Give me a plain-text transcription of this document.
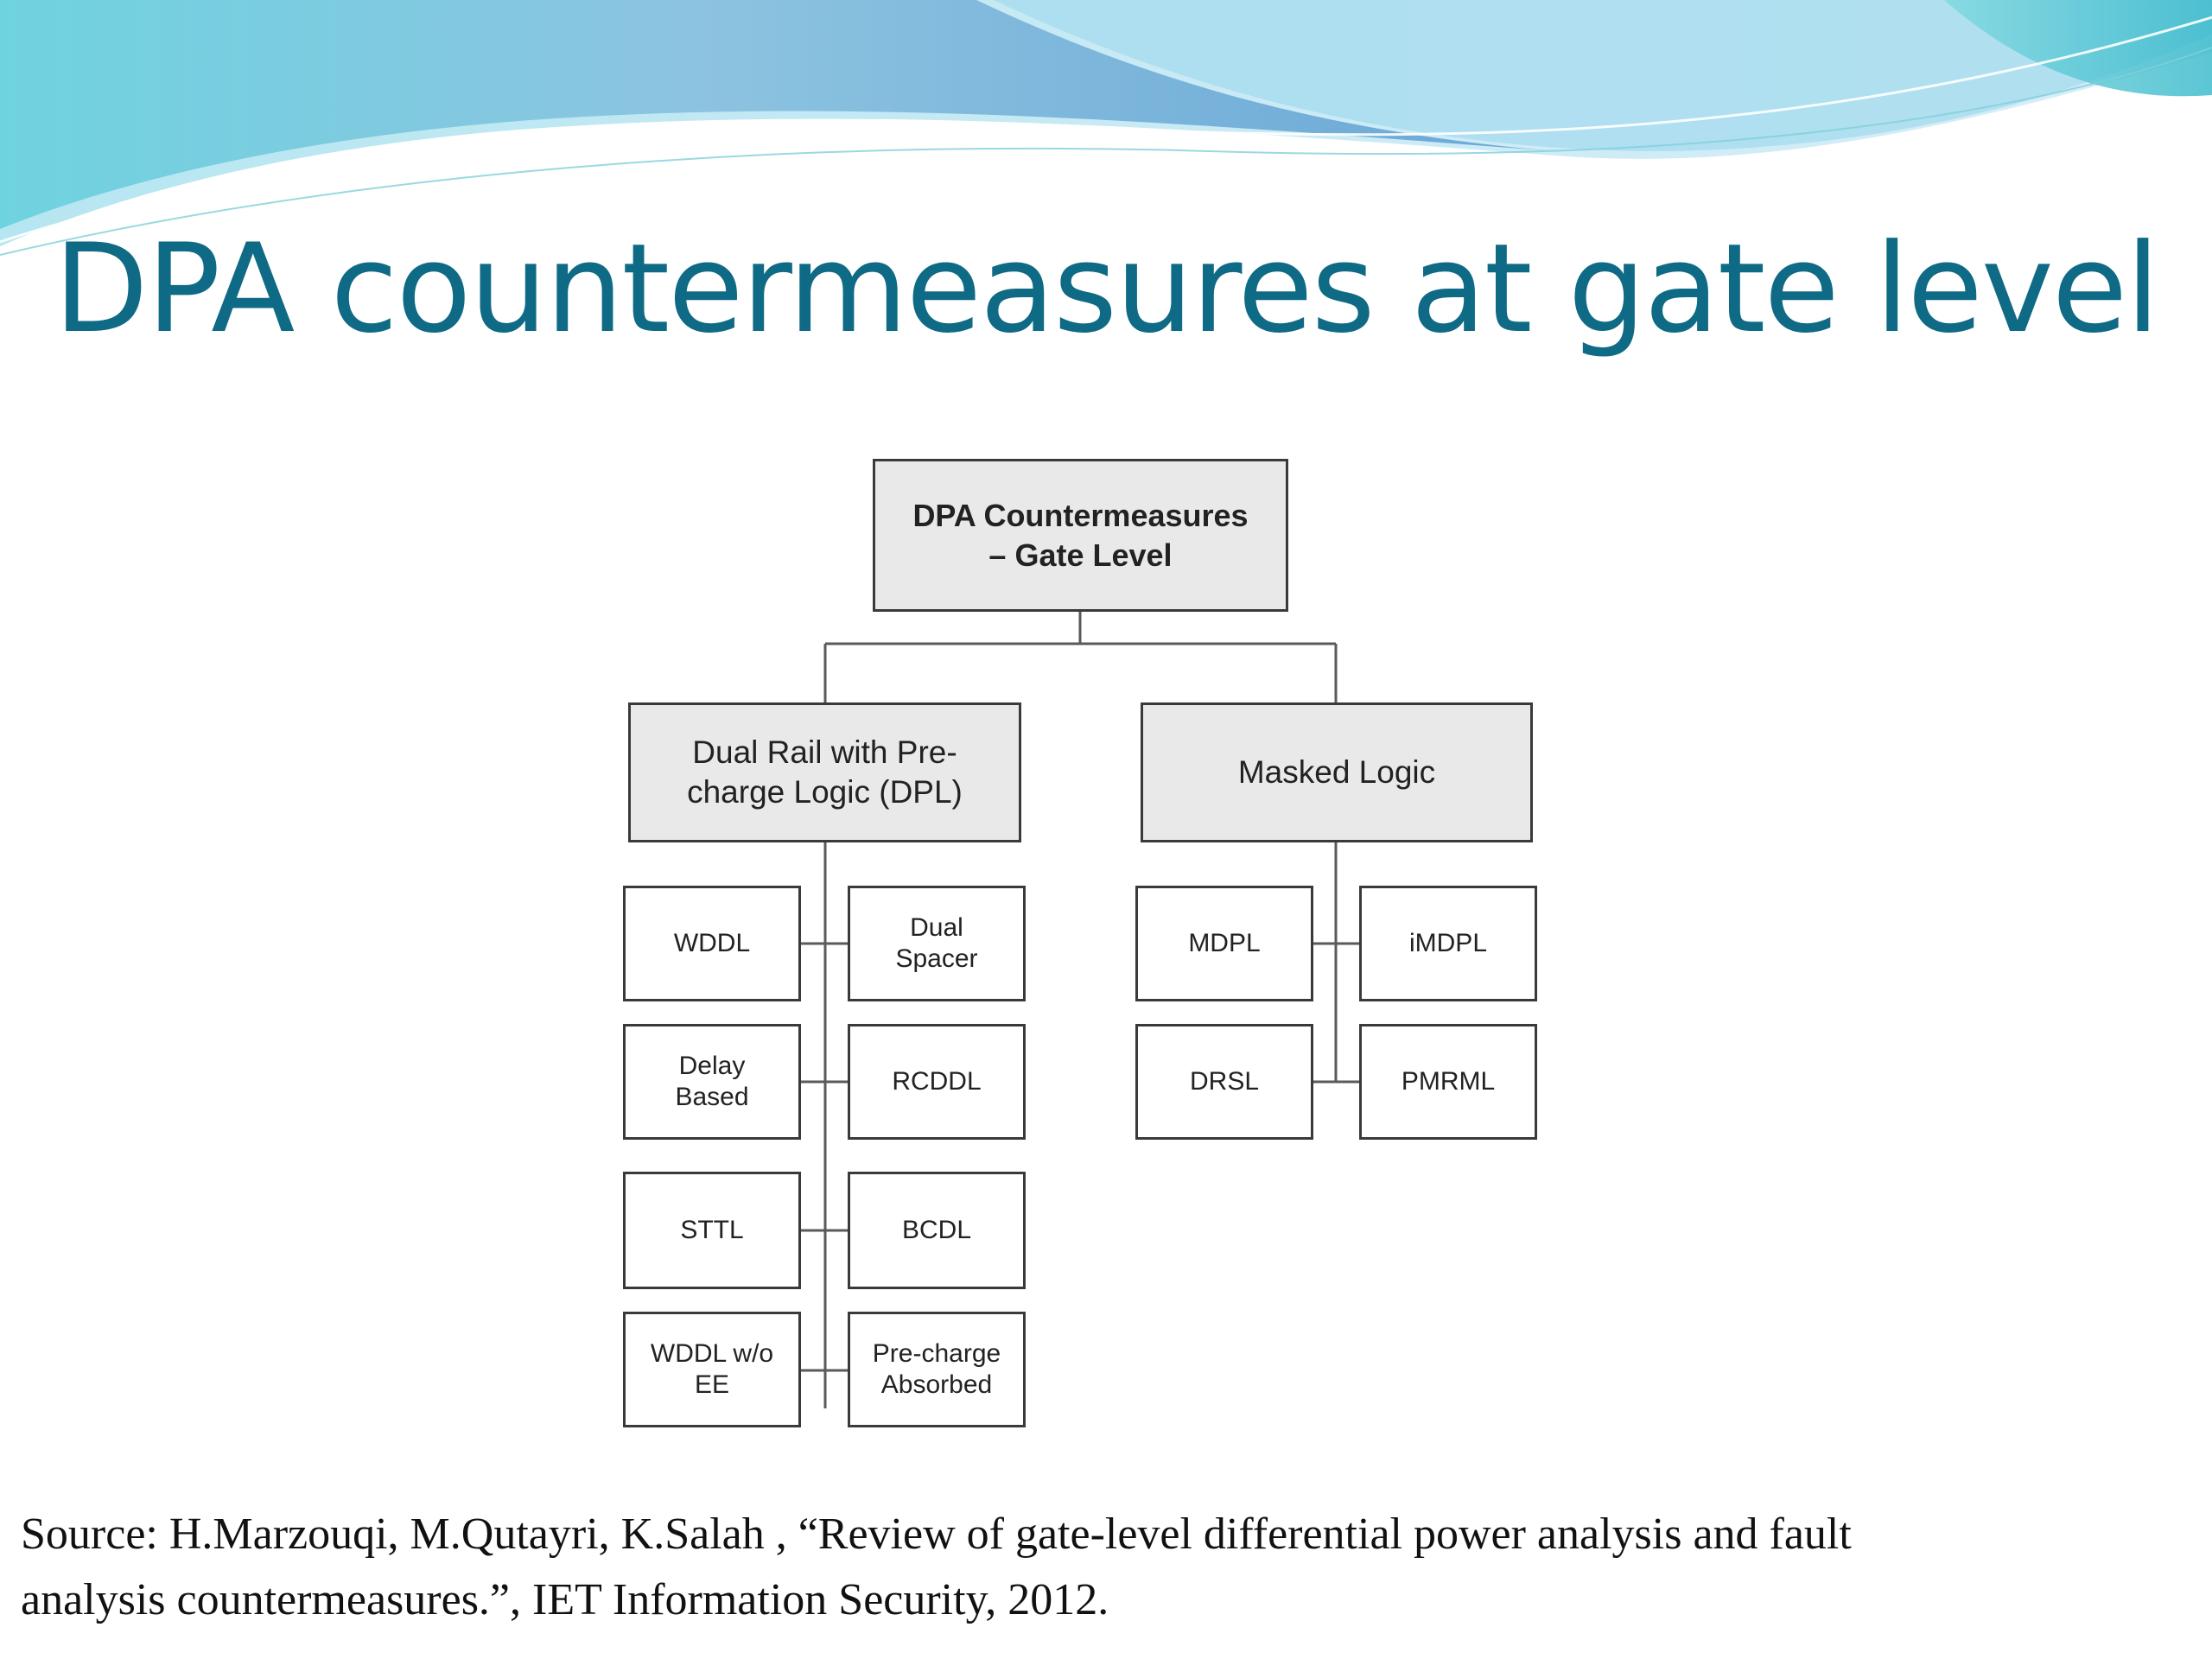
DPA countermeasures at gate level
DPA Countermeasures
– Gate Level
Dual Rail with Pre-
charge Logic (DPL)
Masked Logic
WDDL
Dual
Spacer
Delay
Based
RCDDL
STTL	BCDL
WDDL w/o
EE
Pre-charge
Absorbed
MDPL	iMDPL
DRSL	PMRML
Source: H.Marzouqi, M.Qutayri, K.Salah , “Review of gate-level differential power analysis and fault
analysis countermeasures.”, IET Information Security, 2012.
